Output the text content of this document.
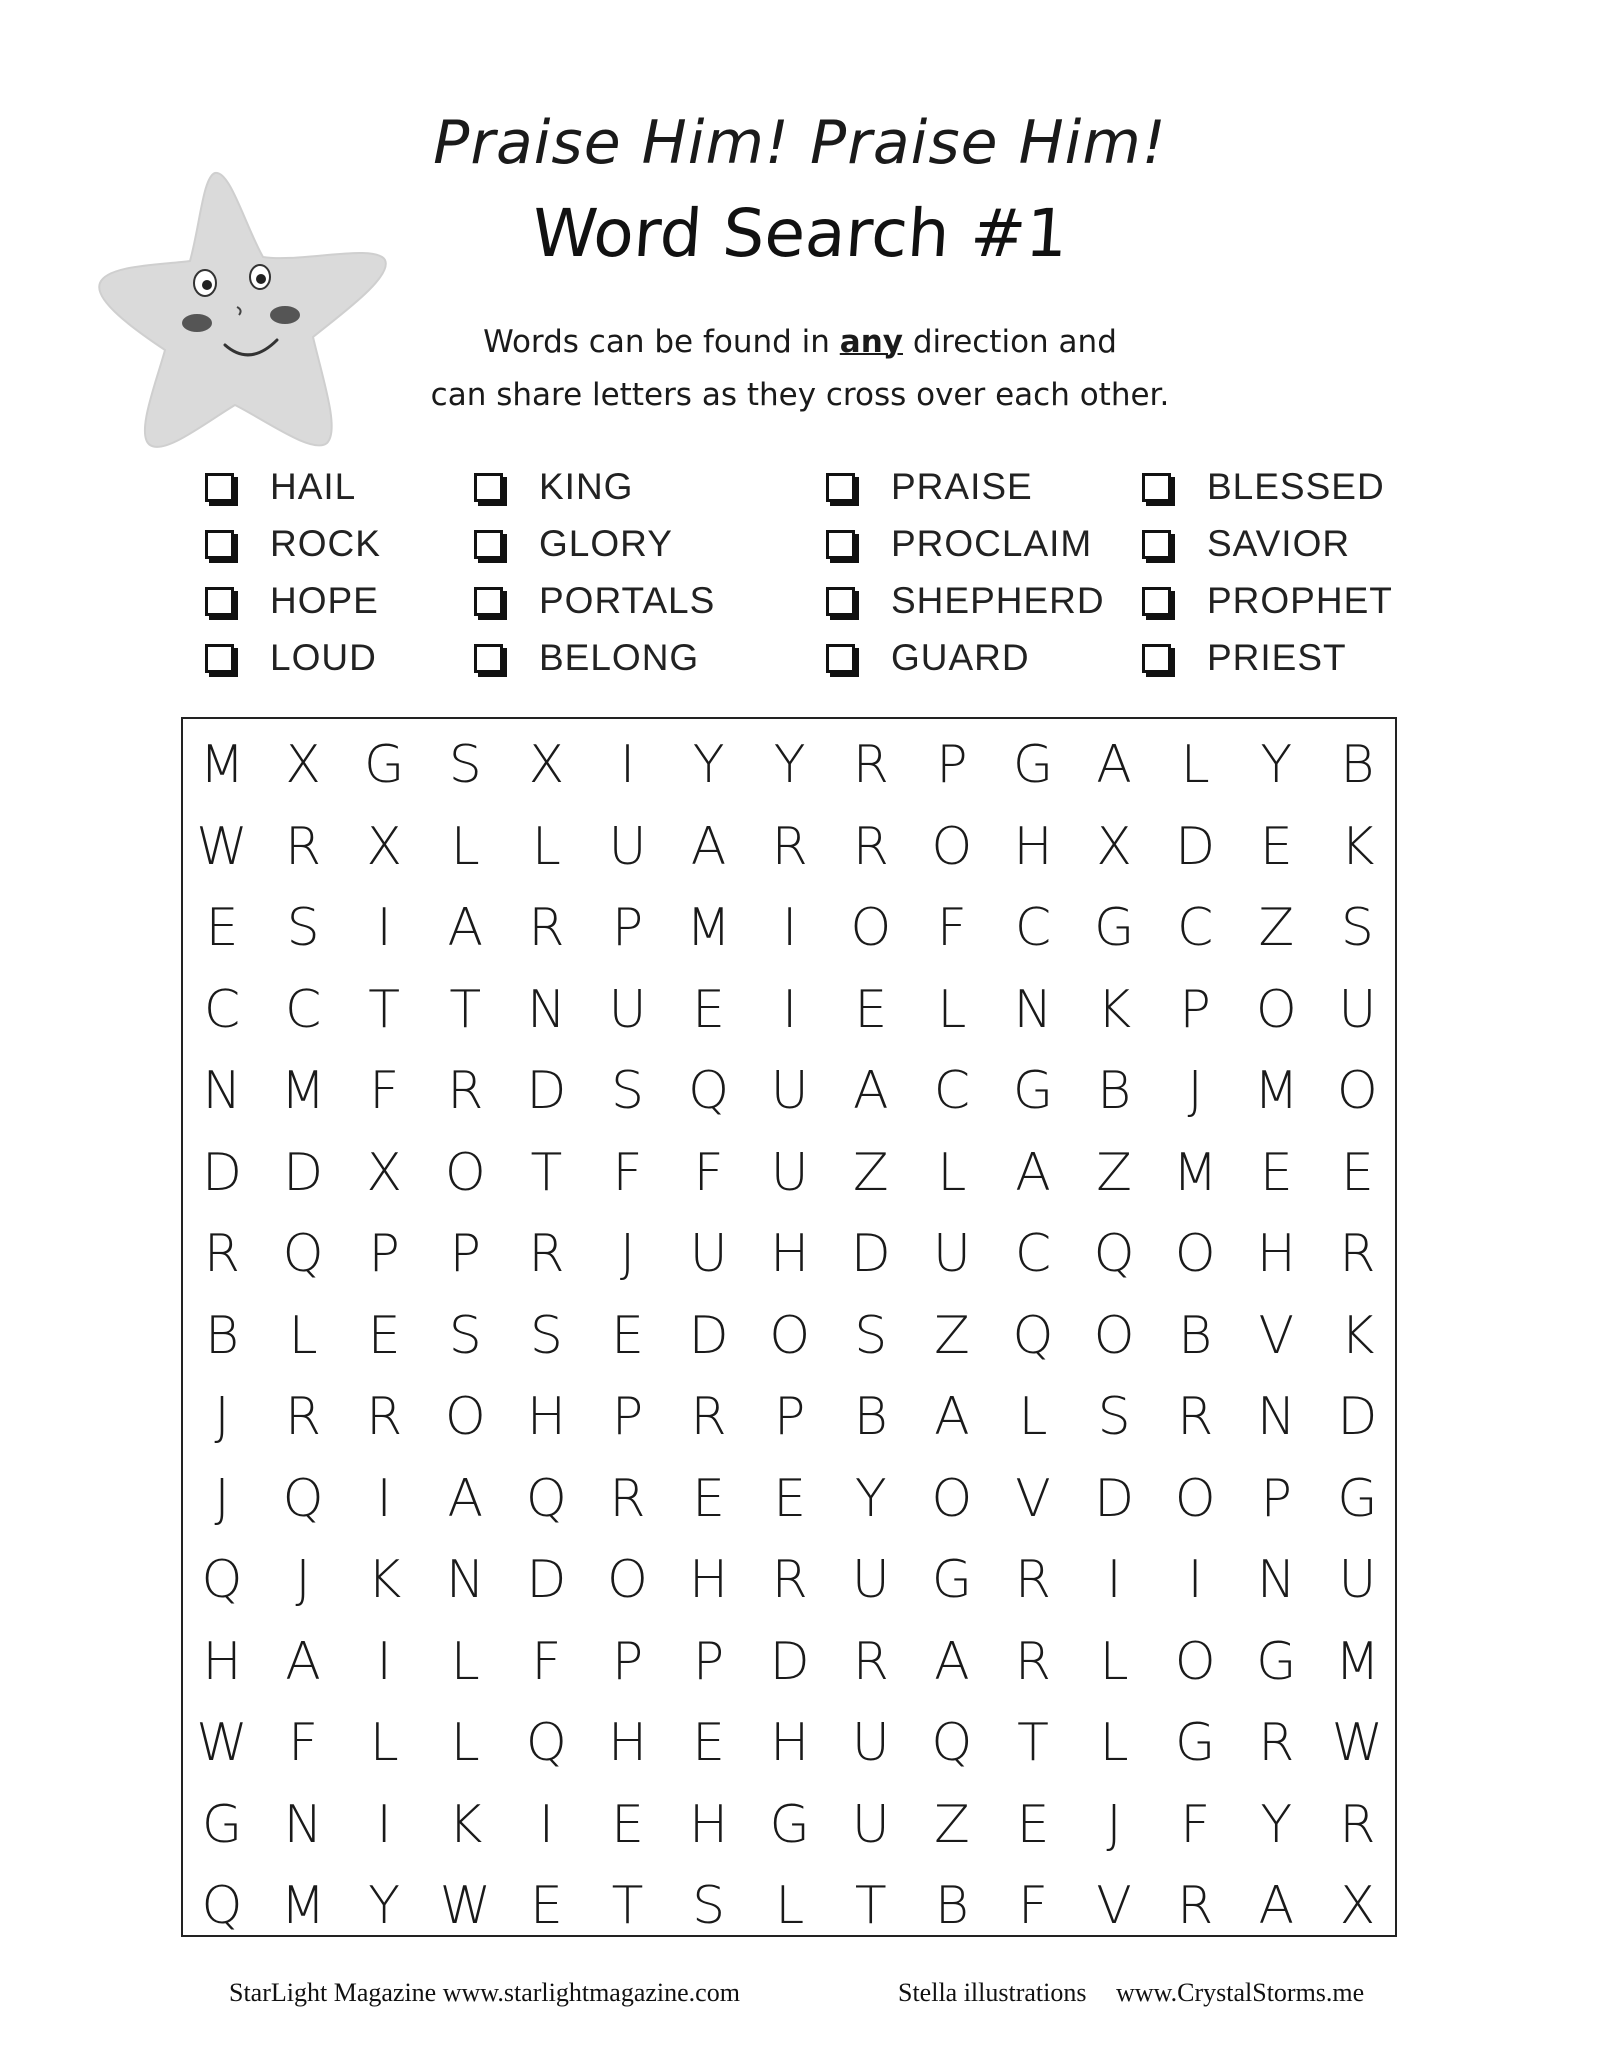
Praise Him! Praise Him!
Word Search #1
Words can be found in any direction and
can share letters as they cross over each other.
HAIL
ROCK
HOPE
LOUD
KING
GLORY
PORTALS
BELONG
PRAISE
PROCLAIM
SHEPHERD
GUARD
BLESSED
SAVIOR
PROPHET
PRIEST
M X G S X	I	Y Y R P G A L Y B
W R X L	L U A R R O H X D E K
E S	I	A R P M I	O F C G C Z S
C C T T N U E	I	E L N K P O U
N M F R D S Q U A C G B	J M O
D D X O T F F U Z L A Z M E E
R Q P P R	J	U H D U C Q O H R
B L E S S E D O S Z Q O B V K
J	R R O H P R P B A L S R N D
J	Q	I	A Q R E E Y O V D O P G
Q	J	K N D O H R U G R	I	I	N U
H A	I	L F P P D R A R L O G M
W F L	L Q H E H U Q T L G R W
G N	I	K	I	E H G U Z E	J	F Y R
Q M Y W E T S L T B F V R A X
StarLight Magazine www.starlightmagazine.com	Stella illustrations www.CrystalStorms.me
